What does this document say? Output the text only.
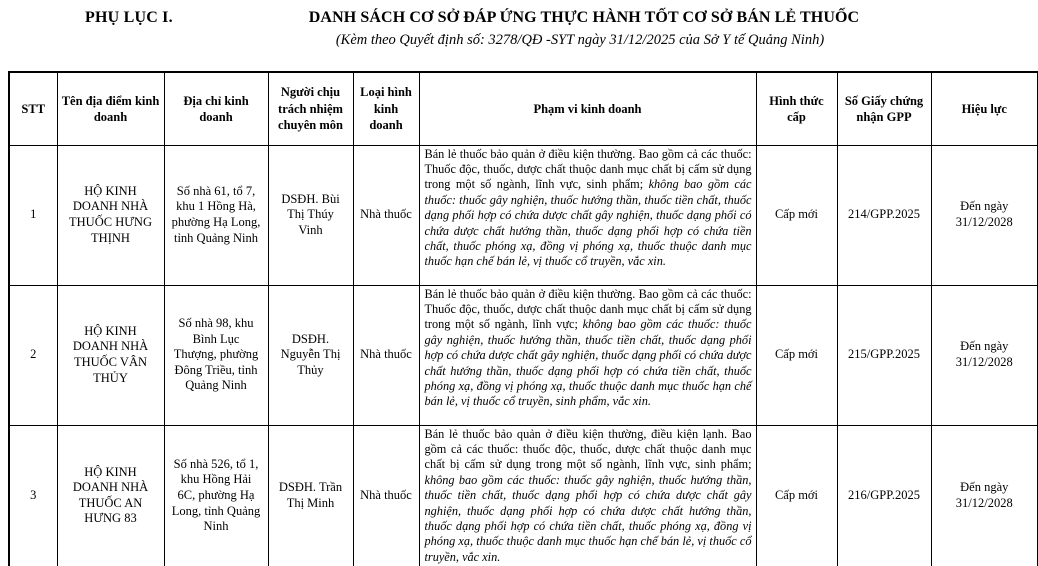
PHỤ LỤC I.	DANH SÁCH CƠ SỞ ĐÁP ỨNG THỰC HÀNH TỐT CƠ SỞ BÁN LẺ THUỐC
(Kèm theo Quyết định số: 3278/QĐ -SYT ngày 31/12/2025 của Sở Y tế Quảng Ninh)
STT	Tên địa điểm kinh doanh	Địa chỉ kinh doanh	Người chịu trách nhiệm chuyên môn	Loại hình kinh doanh	Phạm vi kinh doanh	Hình thức cấp	Số Giấy chứng nhận GPP	Hiệu lực
1	HỘ KINH DOANH NHÀ THUỐC HƯNG THỊNH	Số nhà 61, tổ 7, khu 1 Hồng Hà, phường Hạ Long, tỉnh Quảng Ninh	DSĐH. Bùi Thị Thúy Vinh	Nhà thuốc	Bán lẻ thuốc bảo quản ở điều kiện thường. Bao gồm cả các thuốc: Thuốc độc, thuốc, dược chất thuộc danh mục chất bị cấm sử dụng trong một số ngành, lĩnh vực, sinh phẩm; không bao gồm các thuốc: thuốc gây nghiện, thuốc hướng thần, thuốc tiền chất, thuốc dạng phối hợp có chứa dược chất gây nghiện, thuốc dạng phối có chứa dược chất hướng thần, thuốc dạng phối hợp có chứa tiền chất, thuốc phóng xạ, đồng vị phóng xạ, thuốc thuộc danh mục thuốc hạn chế bán lẻ, vị thuốc cổ truyền, vắc xin.	Cấp mới	214/GPP.2025	Đến ngày 31/12/2028
2	HỘ KINH DOANH NHÀ THUỐC VÂN THỦY	Số nhà 98, khu Bình Lục Thượng, phường Đông Triều, tỉnh Quảng Ninh	DSĐH. Nguyễn Thị Thủy	Nhà thuốc	Bán lẻ thuốc bảo quản ở điều kiện thường. Bao gồm cả các thuốc: Thuốc độc, thuốc, dược chất thuộc danh mục chất bị cấm sử dụng trong một số ngành, lĩnh vực; không bao gồm các thuốc: thuốc gây nghiện, thuốc hướng thần, thuốc tiền chất, thuốc dạng phối hợp có chứa dược chất gây nghiện, thuốc dạng phối có chứa dược chất hướng thần, thuốc dạng phối hợp có chứa tiền chất, thuốc phóng xạ, đồng vị phóng xạ, thuốc thuộc danh mục thuốc hạn chế bán lẻ, vị thuốc cổ truyền, sinh phẩm, vắc xin.	Cấp mới	215/GPP.2025	Đến ngày 31/12/2028
3	HỘ KINH DOANH NHÀ THUỐC AN HƯNG 83	Số nhà 526, tổ 1, khu Hồng Hải 6C, phường Hạ Long, tỉnh Quảng Ninh	DSĐH. Trần Thị Minh	Nhà thuốc	Bán lẻ thuốc bảo quản ở điều kiện thường, điều kiện lạnh. Bao gồm cả các thuốc: thuốc độc, thuốc, dược chất thuộc danh mục chất bị cấm sử dụng trong một số ngành, lĩnh vực, sinh phẩm; không bao gồm các thuốc: thuốc gây nghiện, thuốc hướng thần, thuốc tiền chất, thuốc dạng phối hợp có chứa dược chất gây nghiện, thuốc dạng phối hợp có chứa dược chất hướng thần, thuốc dạng phối hợp có chứa tiền chất, thuốc phóng xạ, đồng vị phóng xạ, thuốc thuộc danh mục thuốc hạn chế bán lẻ, vị thuốc cổ truyền, vắc xin.	Cấp mới	216/GPP.2025	Đến ngày 31/12/2028
